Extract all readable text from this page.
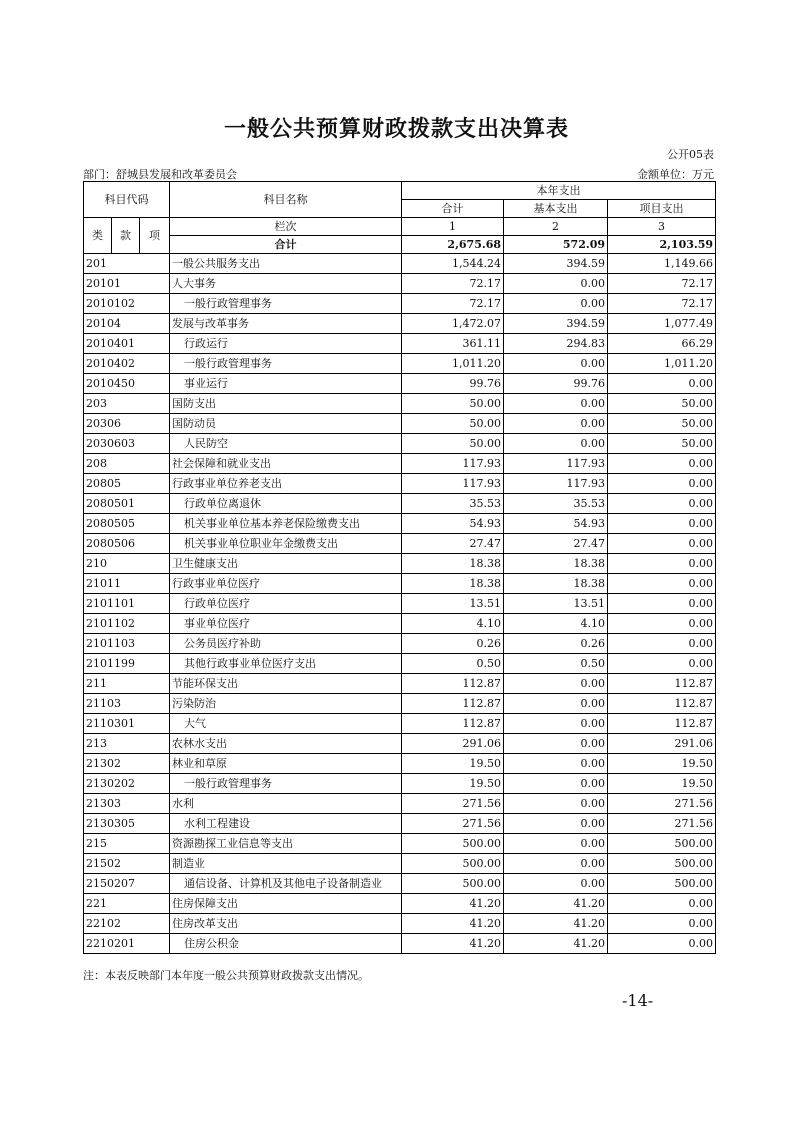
一般公共预算财政拨款支出决算表
公开05表
部门：舒城县发展和改革委员会	金额单位：万元
科目代码			科目名称	本年支出		
				合计	基本支出	项目支出
类	款	项	栏次	1	2	3
			合计	2,675.68	572.09	2,103.59
201			一般公共服务支出	1,544.24	394.59	1,149.66
20101			人大事务	72.17	0.00	72.17
2010102			一般行政管理事务	72.17	0.00	72.17
20104			发展与改革事务	1,472.07	394.59	1,077.49
2010401			行政运行	361.11	294.83	66.29
2010402			一般行政管理事务	1,011.20	0.00	1,011.20
2010450			事业运行	99.76	99.76	0.00
203			国防支出	50.00	0.00	50.00
20306			国防动员	50.00	0.00	50.00
2030603			人民防空	50.00	0.00	50.00
208			社会保障和就业支出	117.93	117.93	0.00
20805			行政事业单位养老支出	117.93	117.93	0.00
2080501			行政单位离退休	35.53	35.53	0.00
2080505			机关事业单位基本养老保险缴费支出	54.93	54.93	0.00
2080506			机关事业单位职业年金缴费支出	27.47	27.47	0.00
210			卫生健康支出	18.38	18.38	0.00
21011			行政事业单位医疗	18.38	18.38	0.00
2101101			行政单位医疗	13.51	13.51	0.00
2101102			事业单位医疗	4.10	4.10	0.00
2101103			公务员医疗补助	0.26	0.26	0.00
2101199			其他行政事业单位医疗支出	0.50	0.50	0.00
211			节能环保支出	112.87	0.00	112.87
21103			污染防治	112.87	0.00	112.87
2110301			大气	112.87	0.00	112.87
213			农林水支出	291.06	0.00	291.06
21302			林业和草原	19.50	0.00	19.50
2130202			一般行政管理事务	19.50	0.00	19.50
21303			水利	271.56	0.00	271.56
2130305			水利工程建设	271.56	0.00	271.56
215			资源勘探工业信息等支出	500.00	0.00	500.00
21502			制造业	500.00	0.00	500.00
2150207			通信设备、计算机及其他电子设备制造业	500.00	0.00	500.00
221			住房保障支出	41.20	41.20	0.00
22102			住房改革支出	41.20	41.20	0.00
2210201			住房公积金	41.20	41.20	0.00
注：本表反映部门本年度一般公共预算财政拨款支出情况。
-14-
